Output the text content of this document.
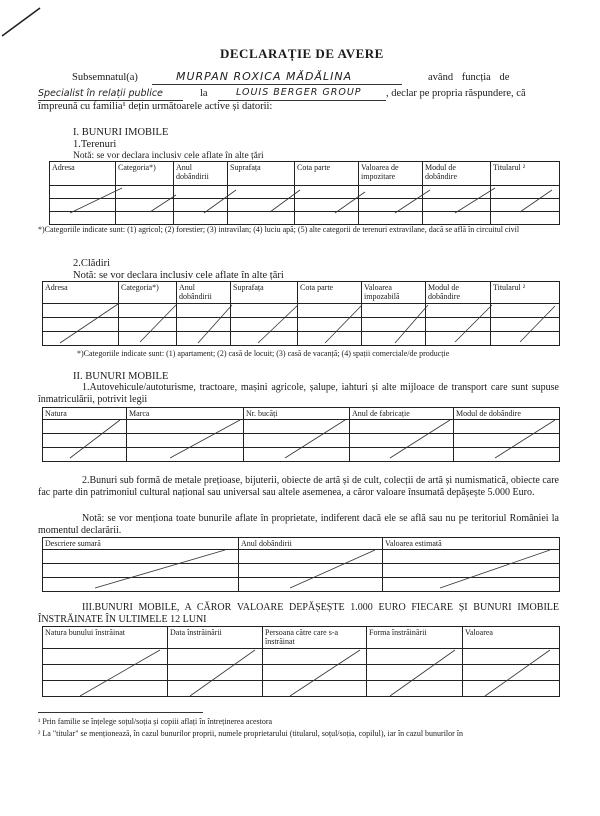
DECLARAȚIE DE AVERE
Subsemnatul(a)	MURPAN ROXICA MĂDĂLINA	având funcția de
Specialist în relații publice	la	LOUIS BERGER GROUP , declar pe propria răspundere, că
împreună cu familia¹ dețin următoarele active și datorii:
I. BUNURI IMOBILE
1.Terenuri
Notă: se vor declara inclusiv cele aflate în alte țări
Adresa	Categoria*)	Anul dobândirii	Suprafața	Cota parte	Valoarea de impozitare	Modul de dobândire	Titularul ²

*)Categoriile indicate sunt: (1) agricol; (2) forestier; (3) intravilan; (4) luciu apă; (5) alte categorii de terenuri extravilane, dacă se află în circuitul civil
2.Clădiri
Notă: se vor declara inclusiv cele aflate în alte țări
Adresa	Categoria*)	Anul dobândirii	Suprafața	Cota parte	Valoarea impozabilă	Modul de dobândire	Titularul ²

*)Categoriile indicate sunt: (1) apartament; (2) casă de locuit; (3) casă de vacanță; (4) spații comerciale/de producție
II. BUNURI MOBILE
1.Autovehicule/autoturisme, tractoare, mașini agricole, șalupe, iahturi și alte mijloace de transport care sunt supuse înmatriculării, potrivit legii
Natura	Marca	Nr. bucăți	Anul de fabricație	Modul de dobândire

2.Bunuri sub formă de metale prețioase, bijuterii, obiecte de artă și de cult, colecții de artă și numismatică, obiecte care fac parte din patrimoniul cultural național sau universal sau altele asemenea, a căror valoare însumată depășește 5.000 Euro.
Notă: se vor menționa toate bunurile aflate în proprietate, indiferent dacă ele se află sau nu pe teritoriul României la momentul declarării.
Descriere sumară	Anul dobândirii	Valoarea estimată

III.BUNURI MOBILE, A CĂROR VALOARE DEPĂȘEȘTE 1.000 EURO FIECARE ȘI BUNURI IMOBILE ÎNSTRĂINATE ÎN ULTIMELE 12 LUNI
Natura bunului înstrăinat	Data înstrăinării	Persoana către care s-a înstrăinat	Forma înstrăinării	Valoarea

¹ Prin familie se înțelege soțul/soția și copiii aflați în întreținerea acestora
² La "titular" se menționează, în cazul bunurilor proprii, numele proprietarului (titularul, soțul/soția, copilul), iar în cazul bunurilor în
